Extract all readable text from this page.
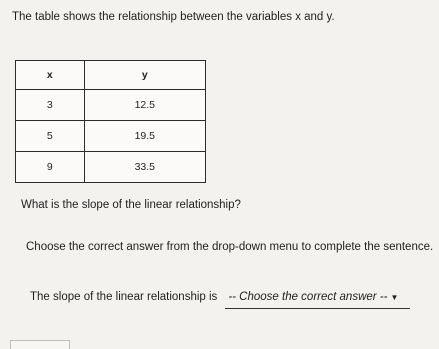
The table shows the relationship between the variables x and y.
x	y
3	12.5
5	19.5
9	33.5
What is the slope of the linear relationship?
Choose the correct answer from the drop-down menu to complete the sentence.
The slope of the linear relationship is -- Choose the correct answer -- ▼
